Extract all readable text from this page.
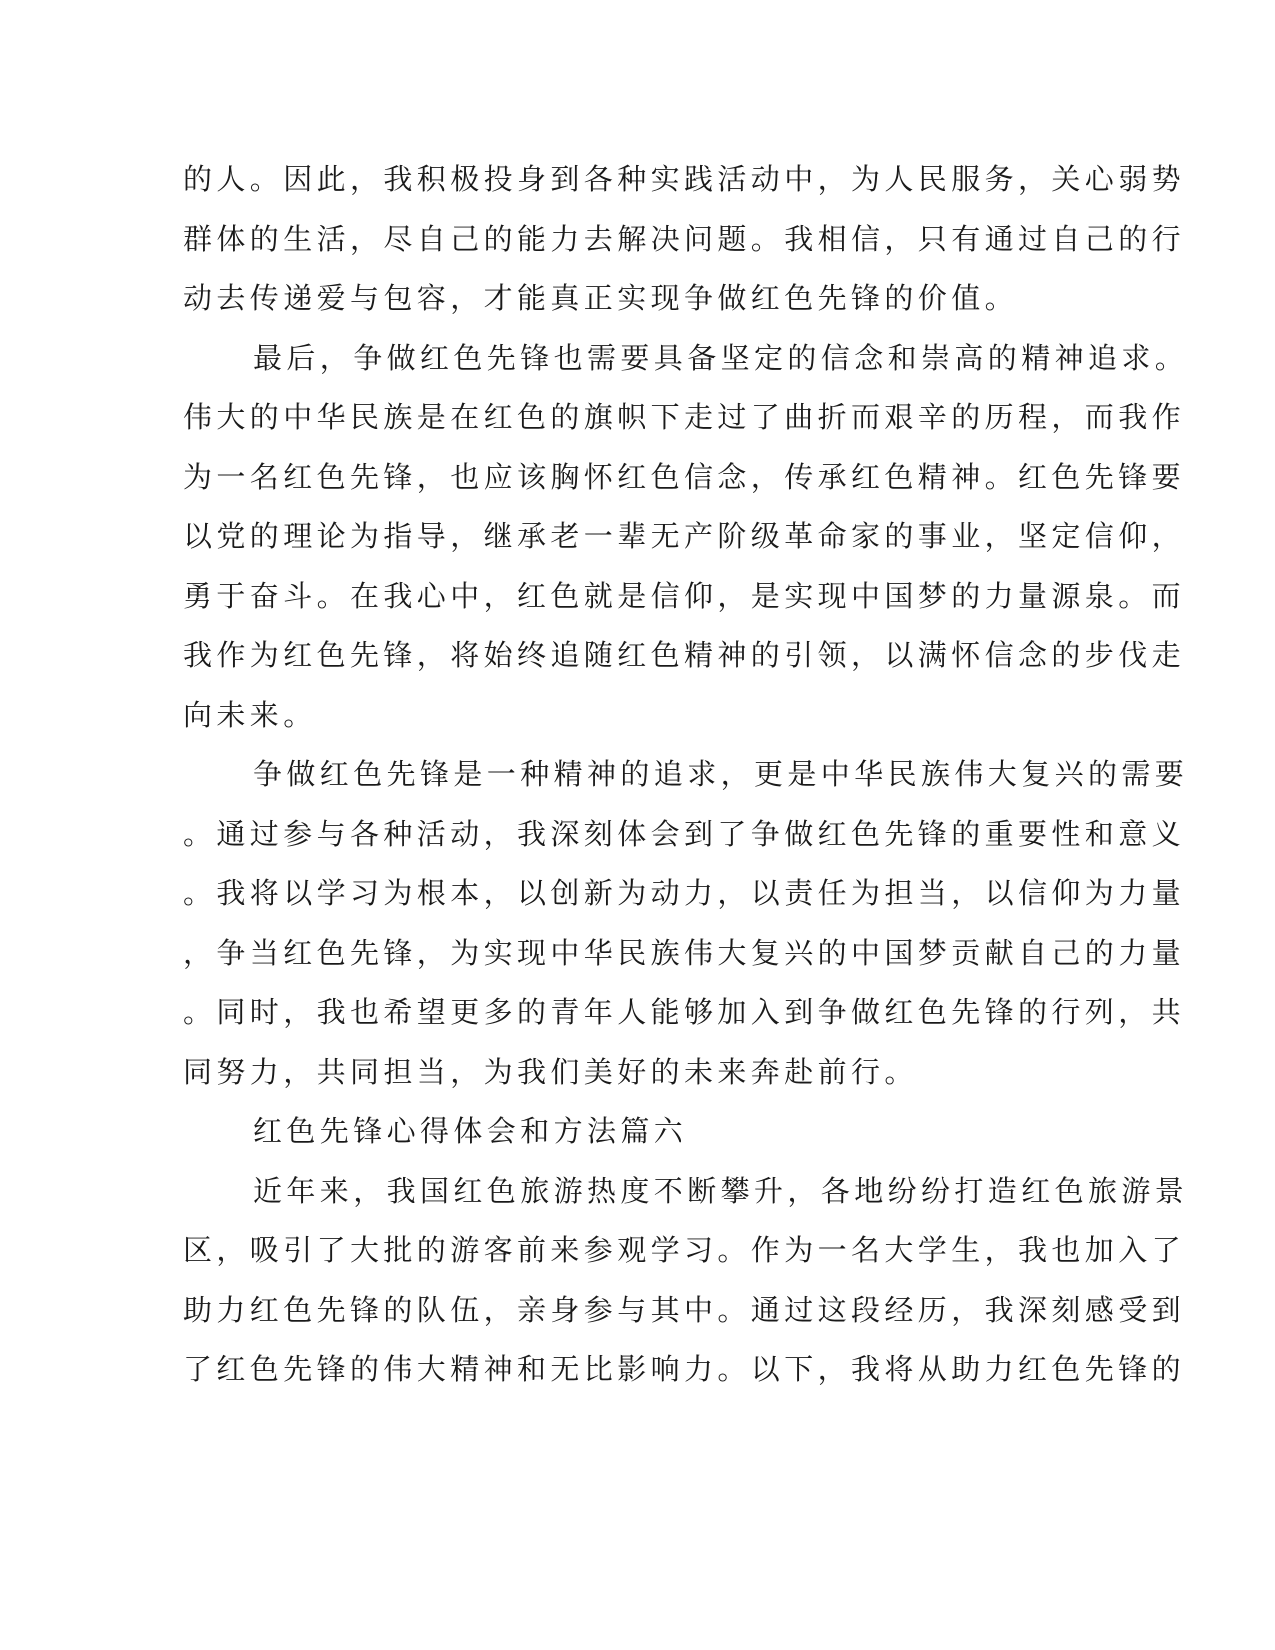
的人。因此，我积极投身到各种实践活动中，为人民服务，关心弱势
群体的生活，尽自己的能力去解决问题。我相信，只有通过自己的行
动去传递爱与包容，才能真正实现争做红色先锋的价值。
最后，争做红色先锋也需要具备坚定的信念和崇高的精神追求。
伟大的中华民族是在红色的旗帜下走过了曲折而艰辛的历程，而我作
为一名红色先锋，也应该胸怀红色信念，传承红色精神。红色先锋要
以党的理论为指导，继承老一辈无产阶级革命家的事业，坚定信仰，
勇于奋斗。在我心中，红色就是信仰，是实现中国梦的力量源泉。而
我作为红色先锋，将始终追随红色精神的引领，以满怀信念的步伐走
向未来。
争做红色先锋是一种精神的追求，更是中华民族伟大复兴的需要
。通过参与各种活动，我深刻体会到了争做红色先锋的重要性和意义
。我将以学习为根本，以创新为动力，以责任为担当，以信仰为力量
，争当红色先锋，为实现中华民族伟大复兴的中国梦贡献自己的力量
。同时，我也希望更多的青年人能够加入到争做红色先锋的行列，共
同努力，共同担当，为我们美好的未来奔赴前行。
红色先锋心得体会和方法篇六
近年来，我国红色旅游热度不断攀升，各地纷纷打造红色旅游景
区，吸引了大批的游客前来参观学习。作为一名大学生，我也加入了
助力红色先锋的队伍，亲身参与其中。通过这段经历，我深刻感受到
了红色先锋的伟大精神和无比影响力。以下，我将从助力红色先锋的
